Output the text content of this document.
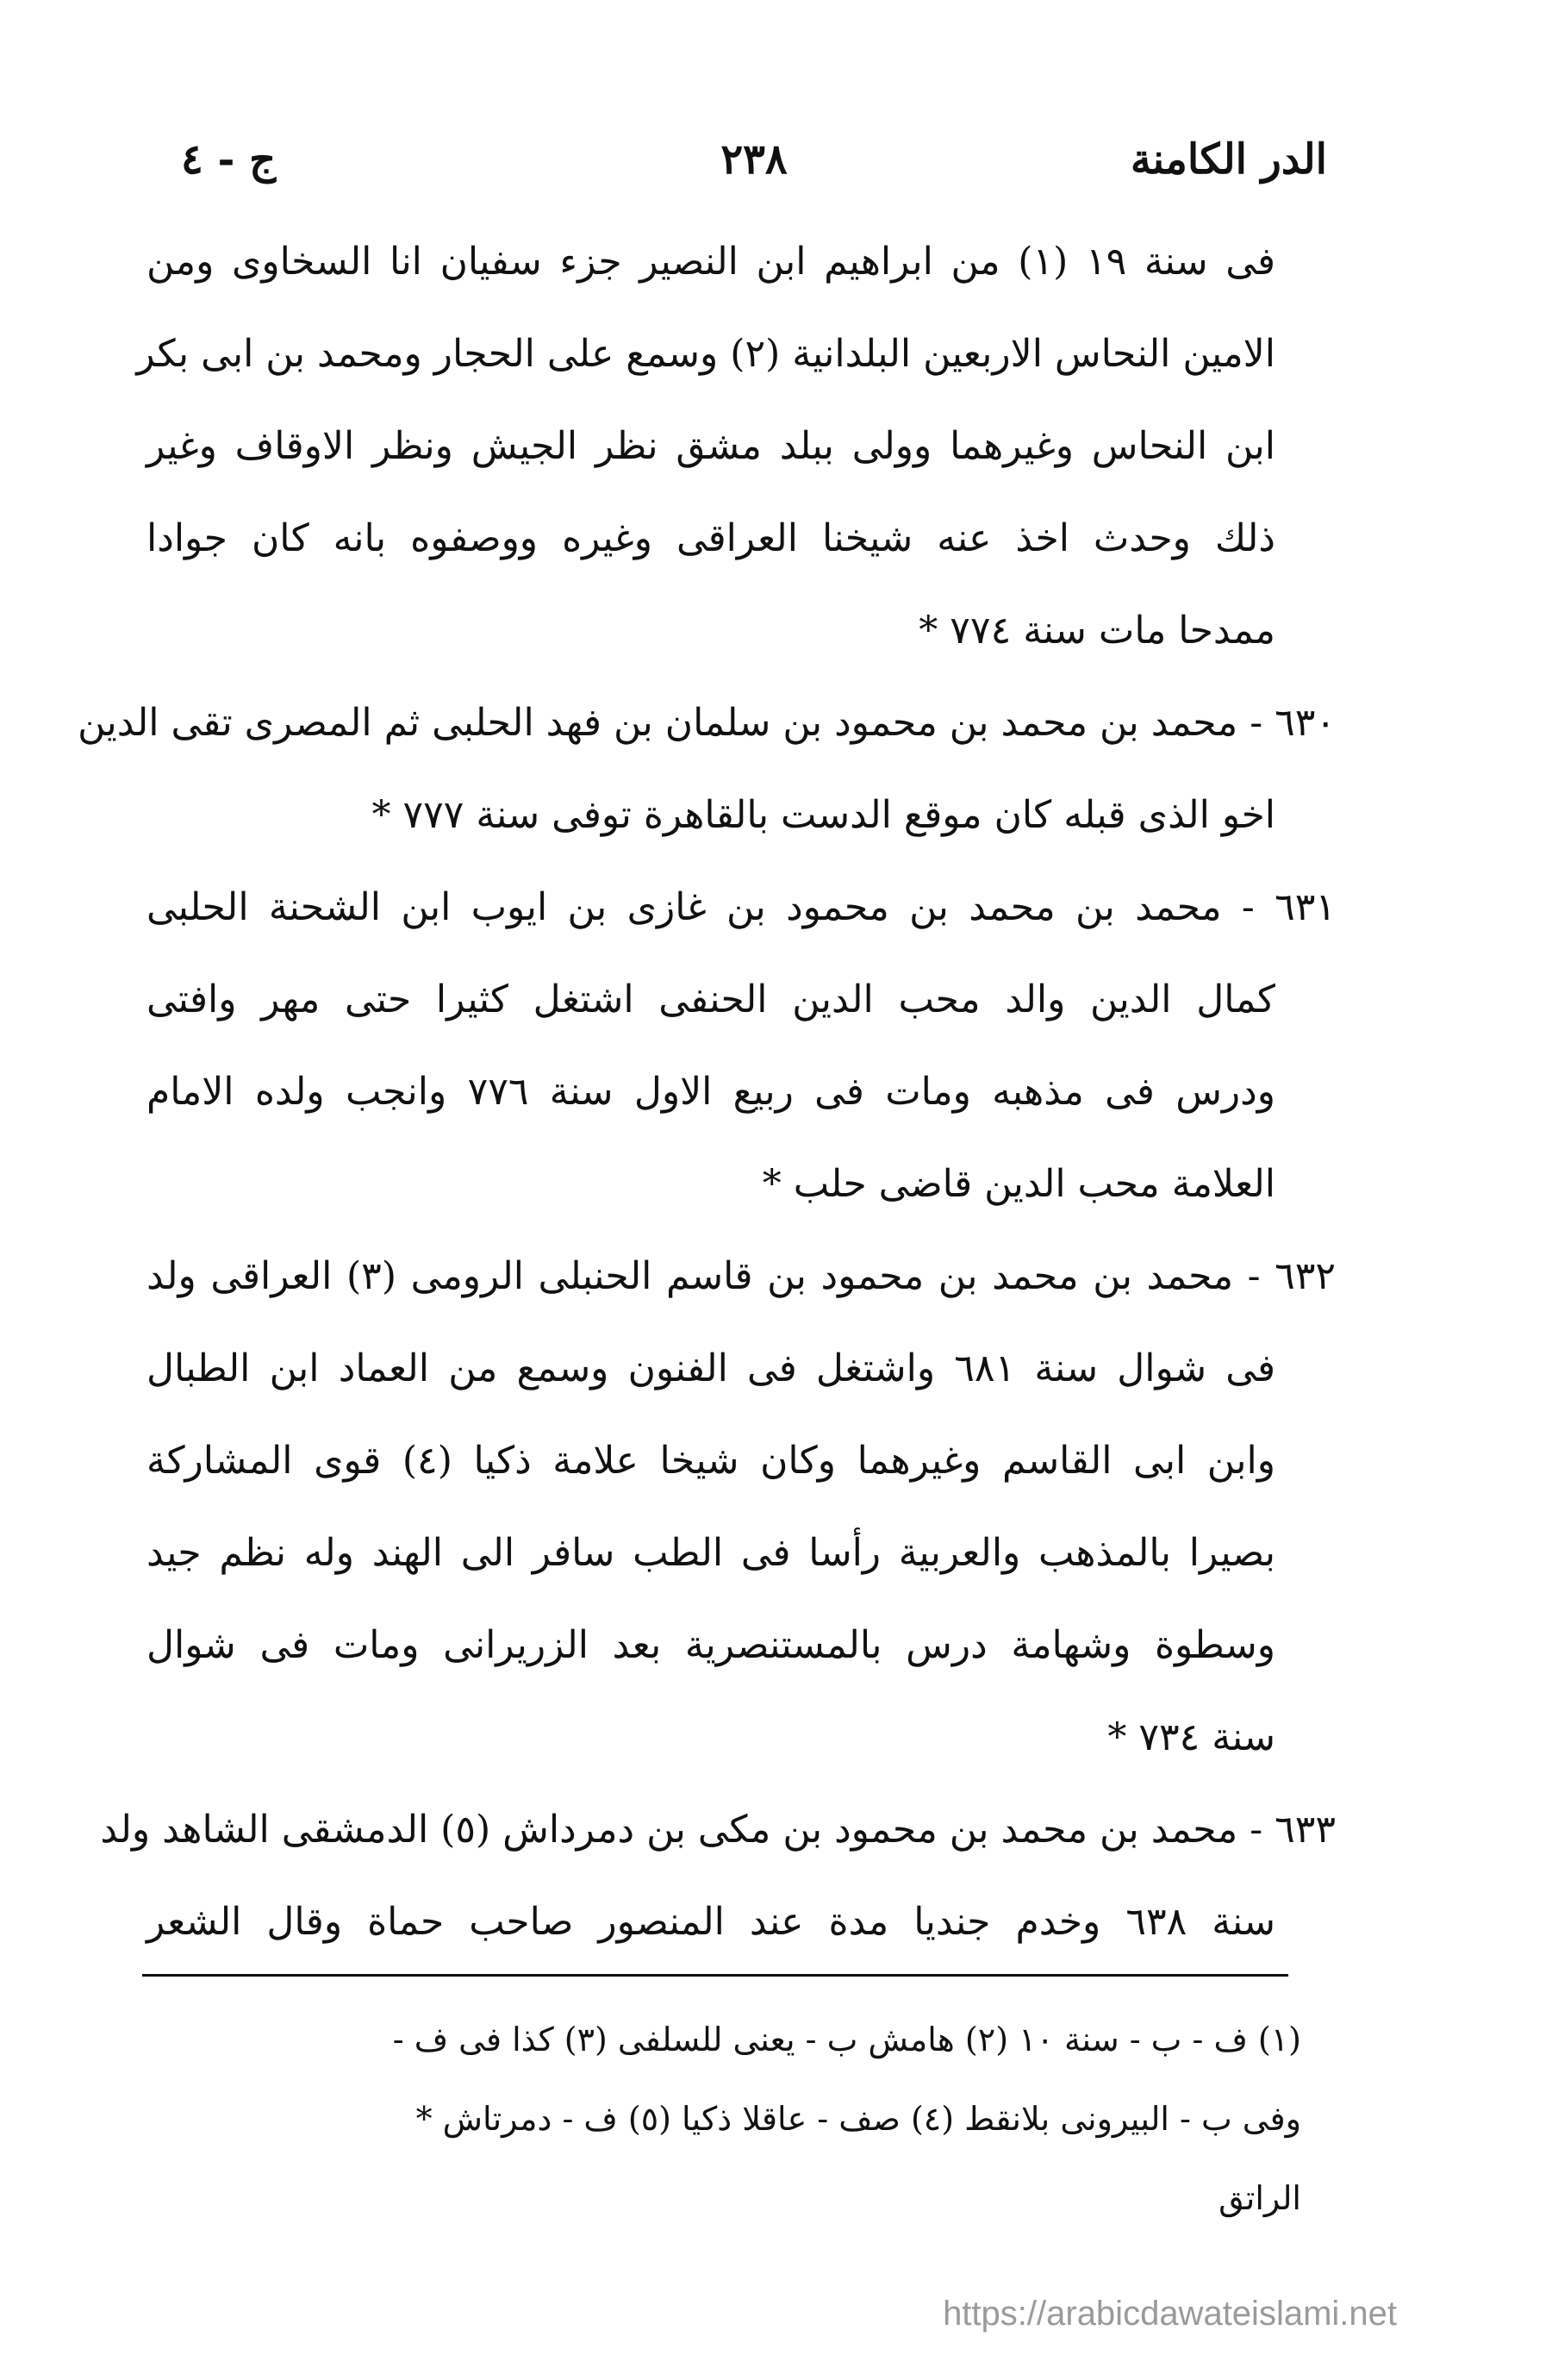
الدر الكامنة
٢٣٨
ج - ٤
فی سنة ١٩ (١) من ابراهيم ابن النصير جزء سفيان انا السخاوی ومن
الامين النحاس الاربعين البلدانية (٢) وسمع علی الحجار ومحمد بن ابی بكر
ابن النحاس وغيرهما وولی ببلد مشق نظر الجيش ونظر الاوقاف وغير
ذلك وحدث اخذ عنه شيخنا العراقی وغيره ووصفوه بانه كان جوادا
ممدحا مات سنة ٧٧٤ *
٦٣٠ - محمد بن محمد بن محمود بن سلمان بن فهد الحلبی ثم المصری تقی الدين
اخو الذی قبله كان موقع الدست بالقاهرة توفی سنة ٧٧٧ *
٦٣١ - محمد بن محمد بن محمود بن غازی بن ايوب ابن الشحنة الحلبی
كمال الدين والد محب الدين الحنفی اشتغل كثيرا حتی مهر وافتی
ودرس فی مذهبه ومات فی ربيع الاول سنة ٧٧٦ وانجب ولده الامام
العلامة محب الدين قاضی حلب *
٦٣٢ - محمد بن محمد بن محمود بن قاسم الحنبلی الرومی (٣) العراقی ولد
فی شوال سنة ٦٨١ واشتغل فی الفنون وسمع من العماد ابن الطبال
وابن ابی القاسم وغيرهما وكان شيخا علامة ذكيا (٤) قوی المشاركة
بصيرا بالمذهب والعربية رأسا فی الطب سافر الی الهند وله نظم جيد
وسطوة وشهامة درس بالمستنصرية بعد الزريرانی ومات فی شوال
سنة ٧٣٤ *
٦٣٣ - محمد بن محمد بن محمود بن مكی بن دمرداش (٥) الدمشقی الشاهد ولد
سنة ٦٣٨ وخدم جنديا مدة عند المنصور صاحب حماة وقال الشعر
(١) ف - ب - سنة ١٠ (٢) هامش ب - يعنی للسلفی (٣) كذا فی ف -
وفی ب - البيرونی بلانقط (٤) صف - عاقلا ذكيا (٥) ف - دمرتاش *
الراتق
https://arabicdawateislami.net
